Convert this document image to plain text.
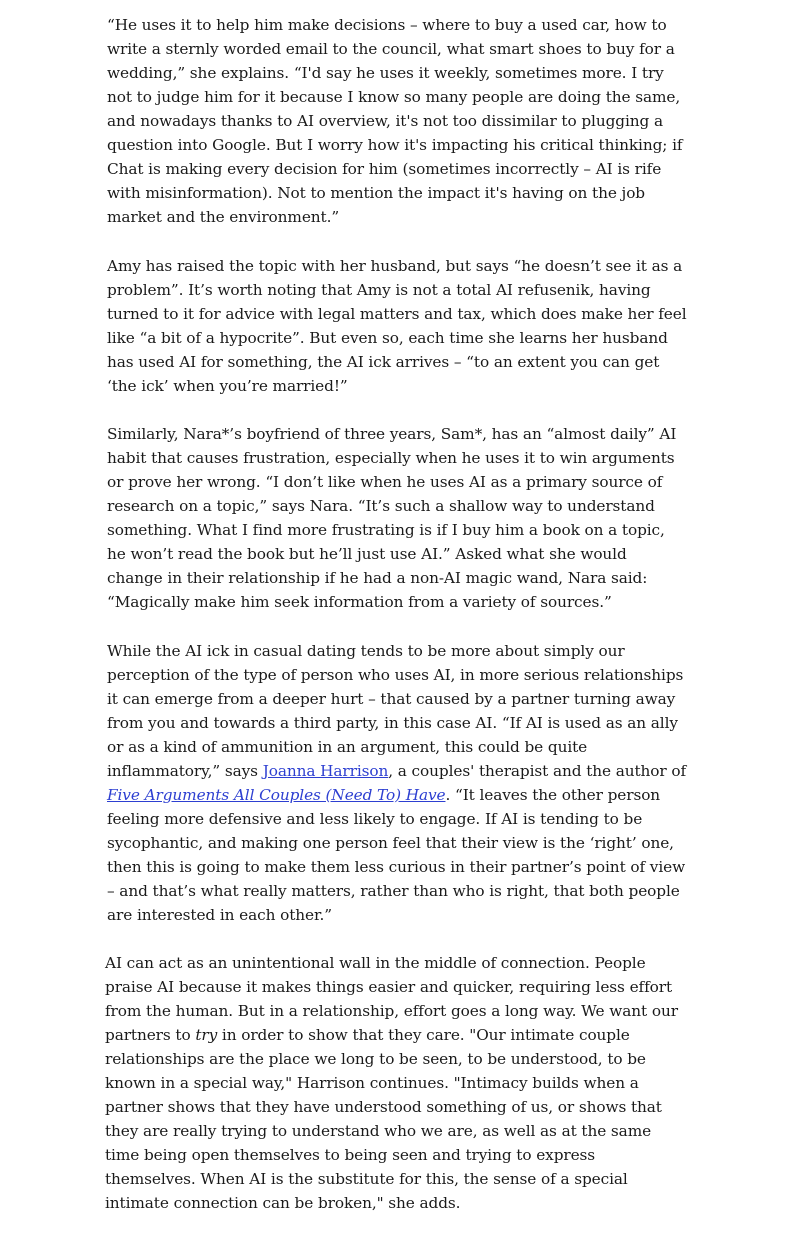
“He uses it to help him make decisions – where to buy a used car, how to write a sternly worded email to the council, what smart shoes to buy for a wedding,” she explains. “I'd say he uses it weekly, sometimes more. I try not to judge him for it because I know so many people are doing the same, and nowadays thanks to AI overview, it's not too dissimilar to plugging a question into Google. But I worry how it's impacting his critical thinking; if Chat is making every decision for him (sometimes incorrectly – AI is rife with misinformation). Not to mention the impact it's having on the job market and the environment.”

Amy has raised the topic with her husband, but says “he doesn’t see it as a problem”. It’s worth noting that Amy is not a total AI refusenik, having turned to it for advice with legal matters and tax, which does make her feel like “a bit of a hypocrite”. But even so, each time she learns her husband has used AI for something, the AI ick arrives – “to an extent you can get ‘the ick’ when you’re married!”

Similarly, Nara*’s boyfriend of three years, Sam*, has an “almost daily” AI habit that causes frustration, especially when he uses it to win arguments or prove her wrong. “I don’t like when he uses AI as a primary source of research on a topic,” says Nara. “It’s such a shallow way to understand something. What I find more frustrating is if I buy him a book on a topic, he won’t read the book but he’ll just use AI.” Asked what she would change in their relationship if he had a non-AI magic wand, Nara said: “Magically make him seek information from a variety of sources.”

While the AI ick in casual dating tends to be more about simply our perception of the type of person who uses AI, in more serious relationships it can emerge from a deeper hurt – that caused by a partner turning away from you and towards a third party, in this case AI. “If AI is used as an ally or as a kind of ammunition in an argument, this could be quite inflammatory,” says Joanna Harrison, a couples' therapist and the author of Five Arguments All Couples (Need To) Have. “It leaves the other person feeling more defensive and less likely to engage. If AI is tending to be sycophantic, and making one person feel that their view is the ‘right’ one, then this is going to make them less curious in their partner’s point of view – and that’s what really matters, rather than who is right, that both people are interested in each other.”

AI can act as an unintentional wall in the middle of connection. People praise AI because it makes things easier and quicker, requiring less effort from the human. But in a relationship, effort goes a long way. We want our partners to try in order to show that they care. "Our intimate couple relationships are the place we long to be seen, to be understood, to be known in a special way," Harrison continues. "Intimacy builds when a partner shows that they have understood something of us, or shows that they are really trying to understand who we are, as well as at the same time being open themselves to being seen and trying to express themselves. When AI is the substitute for this, the sense of a special intimate connection can be broken," she adds.
